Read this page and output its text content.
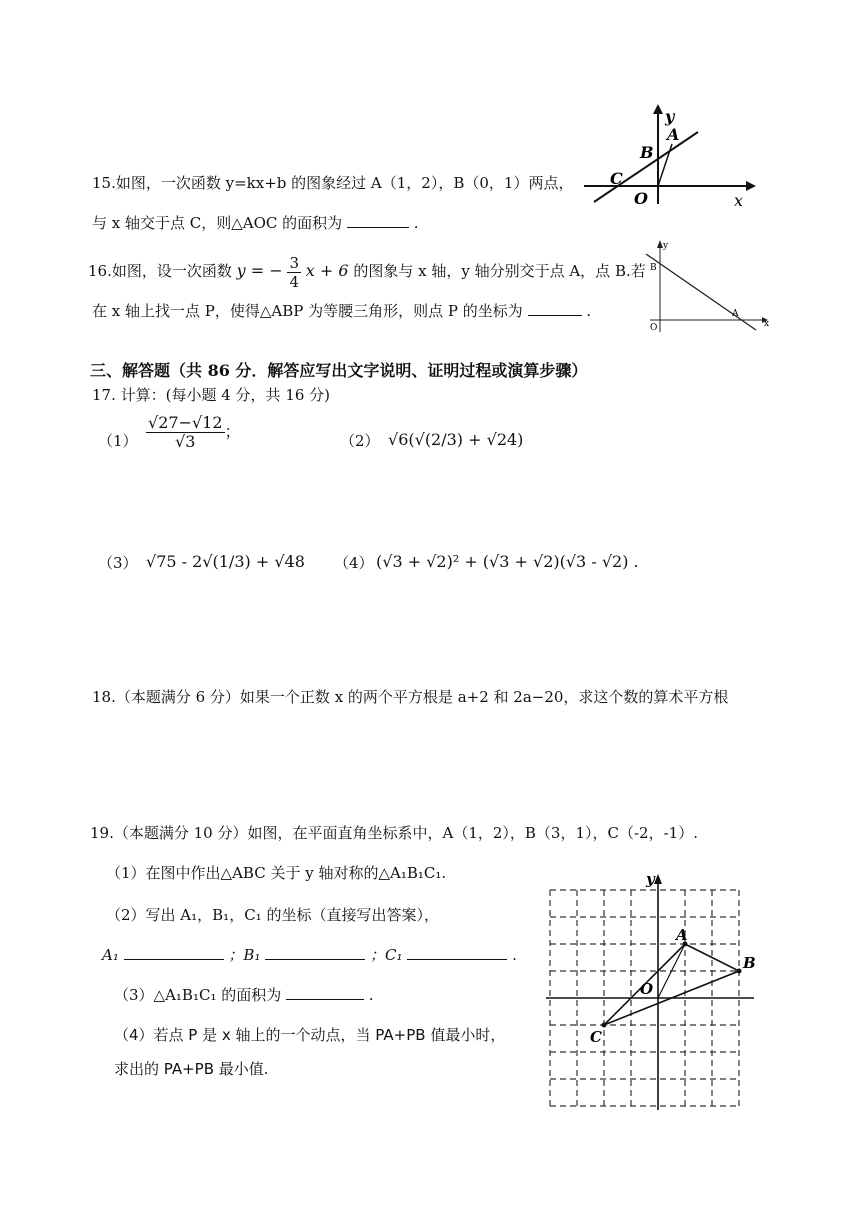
15.如图，一次函数 y=kx+b 的图象经过 A（1，2），B（0，1）两点，
与 x 轴交于点 C，则△AOC 的面积为	.
y
A
B
C
O	x
16.如图，设一次函数 y = − $\frac{3}{4}$ x + 6 的图象与 x 轴，y 轴分别交于点 A，点 B.若
在 x 轴上找一点 P，使得△ABP 为等腰三角形，则点 P 的坐标为	.
y
B
A
O	x
三、解答题（共 86 分．解答应写出文字说明、证明过程或演算步骤）
17. 计算：(每小题 4 分，共 16 分)
$(1) \frac{√27-√12}{√3}$ ；	（2） √6(√(2/3) + √24)
（3） √75 - 2√(1/3) + √48 （4） (√3 + √2)² + (√3 + √2)(√3 - √2) .
18.（本题满分 6 分）如果一个正数 x 的两个平方根是 a+2 和 2a−20，求这个数的算术平方根
19.（本题满分 10 分）如图，在平面直角坐标系中，A（1，2），B（3，1），C（-2，-1）.
（1）在图中作出△ABC 关于 y 轴对称的△A₁B₁C₁.
（2）写出 A₁，B₁，C₁ 的坐标（直接写出答案），
A₁	；B₁	；C₁	.
（3）△A₁B₁C₁ 的面积为	.
（4）若点 P 是 x 轴上的一个动点，当 PA+PB 值最小时，
求出的 PA+PB 最小值.
y
A
B
O
C
